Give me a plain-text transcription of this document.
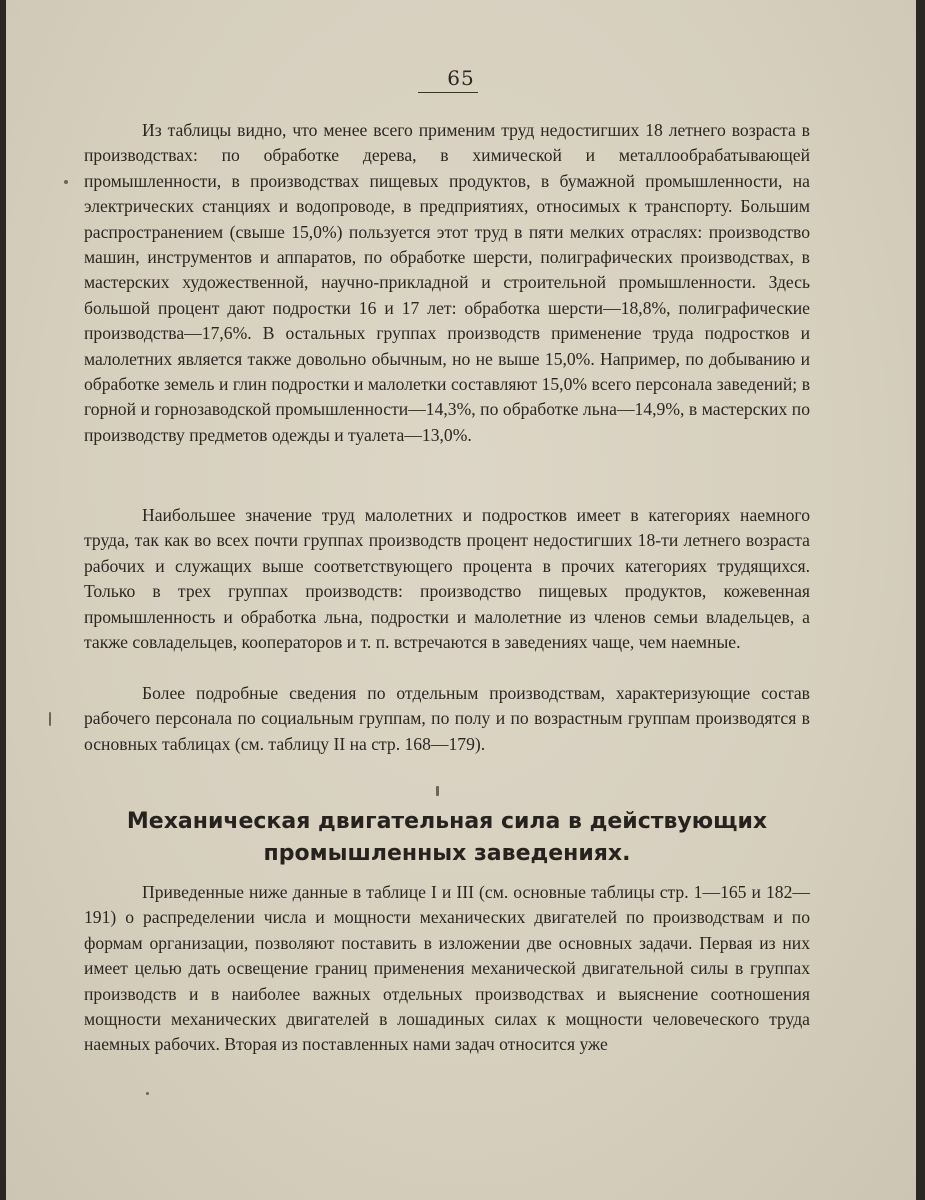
65

Из таблицы видно, что менее всего применим труд недостигших 18 летнего возраста в производствах: по обработке дерева, в химической и металлообрабатывающей промышленности, в производствах пищевых продуктов, в бумажной промышленности, на электрических станциях и водопроводе, в предприятиях, относимых к транспорту. Большим распространением (свыше 15,0%) пользуется этот труд в пяти мелких отраслях: производство машин, инструментов и аппаратов, по обработке шерсти, полиграфических производствах, в мастерских художественной, научно-прикладной и строительной промышленности. Здесь большой процент дают подростки 16 и 17 лет: обработка шерсти—18,8%, полиграфические производства—17,6%. В остальных группах производств применение труда подростков и малолетних является также довольно обычным, но не выше 15,0%. Например, по добыванию и обработке земель и глин подростки и малолетки составляют 15,0% всего персонала заведений; в горной и горнозаводской промышленности—14,3%, по обработке льна—14,9%, в мастерских по производству предметов одежды и туалета—13,0%.

Наибольшее значение труд малолетних и подростков имеет в категориях наемного труда, так как во всех почти группах производств процент недостигших 18-ти летнего возраста рабочих и служащих выше соответствующего процента в прочих категориях трудящихся. Только в трех группах производств: производство пищевых продуктов, кожевенная промышленность и обработка льна, подростки и малолетние из членов семьи владельцев, а также совладельцев, кооператоров и т. п. встречаются в заведениях чаще, чем наемные.

Более подробные сведения по отдельным производствам, характеризующие состав рабочего персонала по социальным группам, по полу и по возрастным группам производятся в основных таблицах (см. таблицу II на стр. 168—179).

Механическая двигательная сила в действующих промышленных заведениях.

Приведенные ниже данные в таблице I и III (см. основные таблицы стр. 1—165 и 182—191) о распределении числа и мощности механических двигателей по производствам и по формам организации, позволяют поставить в изложении две основных задачи. Первая из них имеет целью дать освещение границ применения механической двигательной силы в группах производств и в наиболее важных отдельных производствах и выяснение соотношения мощности механических двигателей в лошадиных силах к мощности человеческого труда наемных рабочих. Вторая из поставленных нами задач относится уже
